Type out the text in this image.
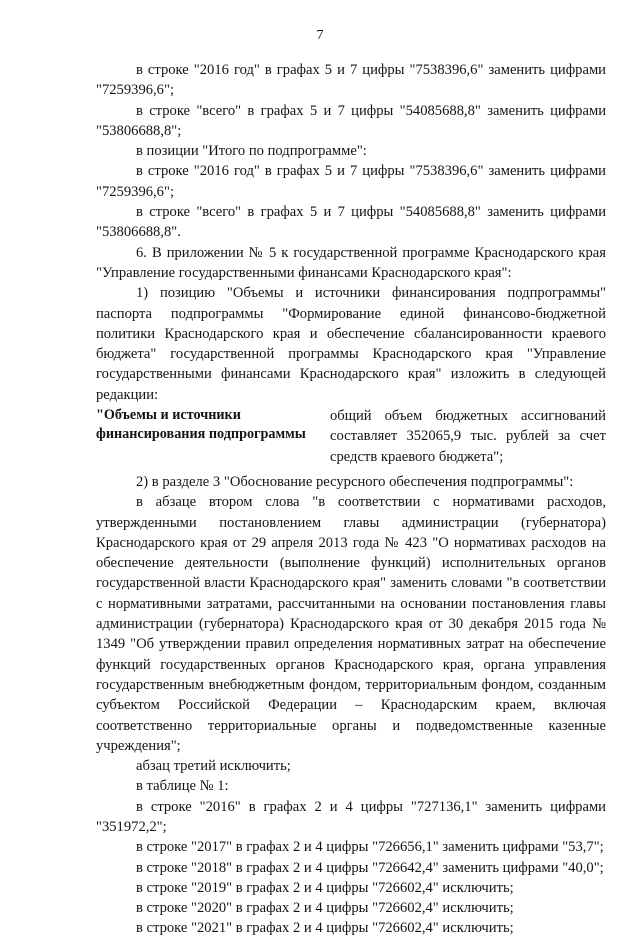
7

в строке "2016 год" в графах 5 и 7 цифры "7538396,6" заменить цифрами "7259396,6";

в строке "всего" в графах 5 и 7 цифры "54085688,8" заменить цифрами "53806688,8";

в позиции "Итого по подпрограмме":

в строке "2016 год" в графах 5 и 7 цифры "7538396,6" заменить цифрами "7259396,6";

в строке "всего" в графах 5 и 7 цифры "54085688,8" заменить цифрами "53806688,8".

6. В приложении № 5 к государственной программе Краснодарского края "Управление государственными финансами Краснодарского края":

1) позицию "Объемы и источники финансирования подпрограммы" паспорта подпрограммы "Формирование единой финансово-бюджетной политики Краснодарского края и обеспечение сбалансированности краевого бюджета" государственной программы Краснодарского края "Управление государственными финансами Краснодарского края" изложить в следующей редакции:

"Объемы и источники финансирования подпрограммы
общий объем бюджетных ассигнований составляет 352065,9 тыс. рублей за счет средств краевого бюджета";

2) в разделе 3 "Обоснование ресурсного обеспечения подпрограммы":

в абзаце втором слова "в соответствии с нормативами расходов, утвержденными постановлением главы администрации (губернатора) Краснодарского края от 29 апреля 2013 года № 423 "О нормативах расходов на обеспечение деятельности (выполнение функций) исполнительных органов государственной власти Краснодарского края" заменить словами "в соответствии с нормативными затратами, рассчитанными на основании постановления главы администрации (губернатора) Краснодарского края от 30 декабря 2015 года № 1349 "Об утверждении правил определения нормативных затрат на обеспечение функций государственных органов Краснодарского края, органа управления государственным внебюджетным фондом, территориальным фондом, созданным субъектом Российской Федерации – Краснодарским краем, включая соответственно территориальные органы и подведомственные казенные учреждения";

абзац третий исключить;

в таблице № 1:

в строке "2016" в графах 2 и 4 цифры "727136,1" заменить цифрами "351972,2";

в строке "2017" в графах 2 и 4 цифры "726656,1" заменить цифрами "53,7";

в строке "2018" в графах 2 и 4 цифры "726642,4" заменить цифрами "40,0";

в строке "2019" в графах 2 и 4 цифры "726602,4" исключить;

в строке "2020" в графах 2 и 4 цифры "726602,4" исключить;

в строке "2021" в графах 2 и 4 цифры "726602,4" исключить;
